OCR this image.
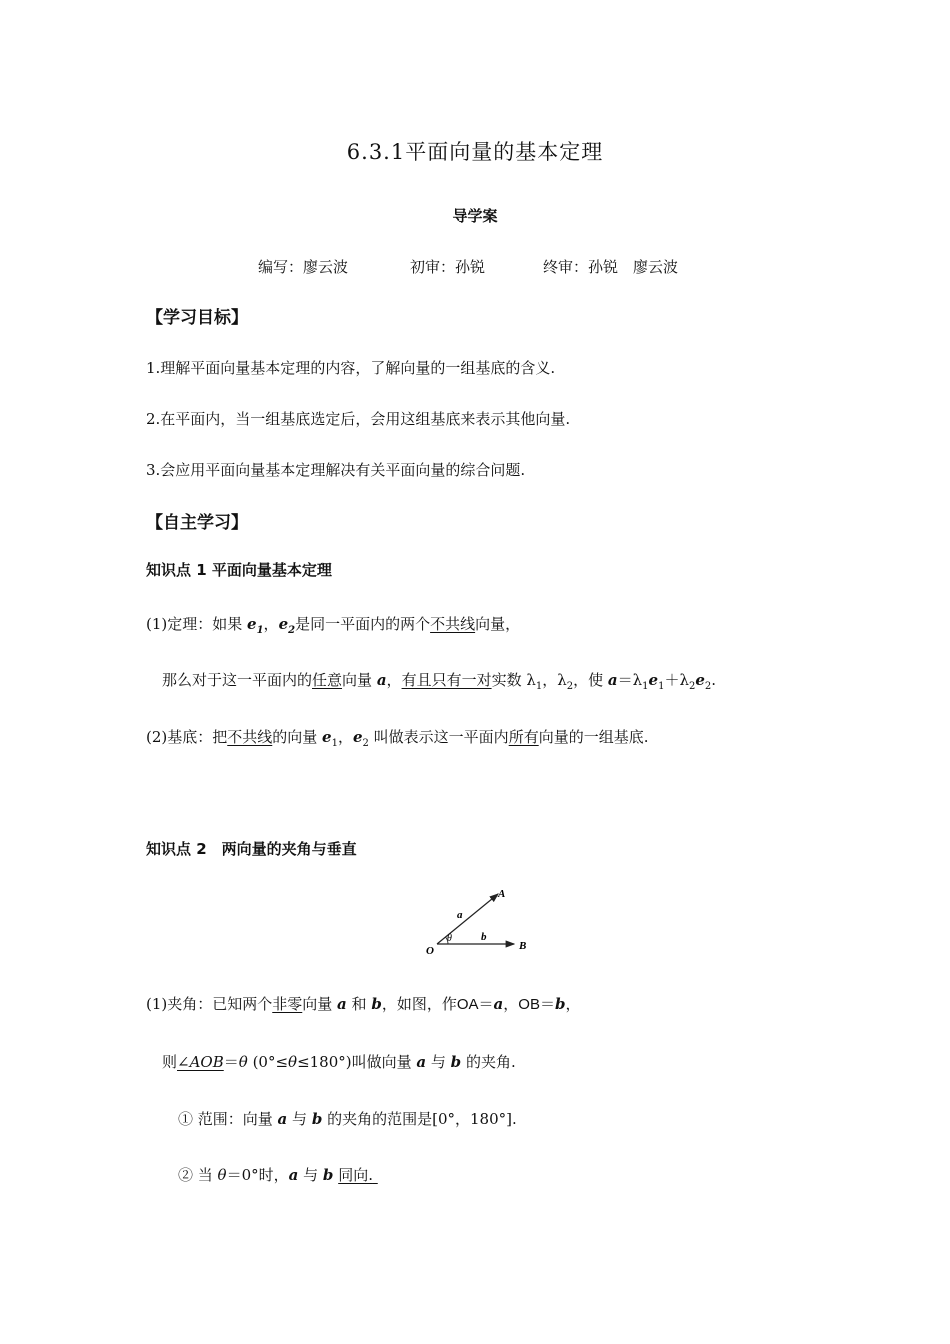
6.3.1平面向量的基本定理
导学案
编写：廖云波	初审：孙锐	终审：孙锐　廖云波
【学习目标】
1.理解平面向量基本定理的内容，了解向量的一组基底的含义.
2.在平面内，当一组基底选定后，会用这组基底来表示其他向量.
3.会应用平面向量基本定理解决有关平面向量的综合问题.
【自主学习】
知识点 1 平面向量基本定理
(1)定理：如果 $e_1$，$e_2$是同一平面内的两个不共线向量，
那么对于这一平面内的任意向量 a，有且只有一对实数 $\lambda_1$，$\lambda_2$，使 $a=\lambda_1e_1+\lambda_2e_2$.
(2)基底：把不共线的向量 $e_1$，$e_2$ 叫做表示这一平面内所有向量的一组基底.
知识点 2　两向量的夹角与垂直
A
B
O
a
b
θ
(1)夹角：已知两个非零向量 a 和 b，如图，作OA＝a，OB＝b，
则∠AOB＝θ (0°≤θ≤180°)叫做向量 a 与 b 的夹角.
① 范围：向量 a 与 b 的夹角的范围是[0°，180°].
② 当 θ＝0°时，a 与 b 同向.
